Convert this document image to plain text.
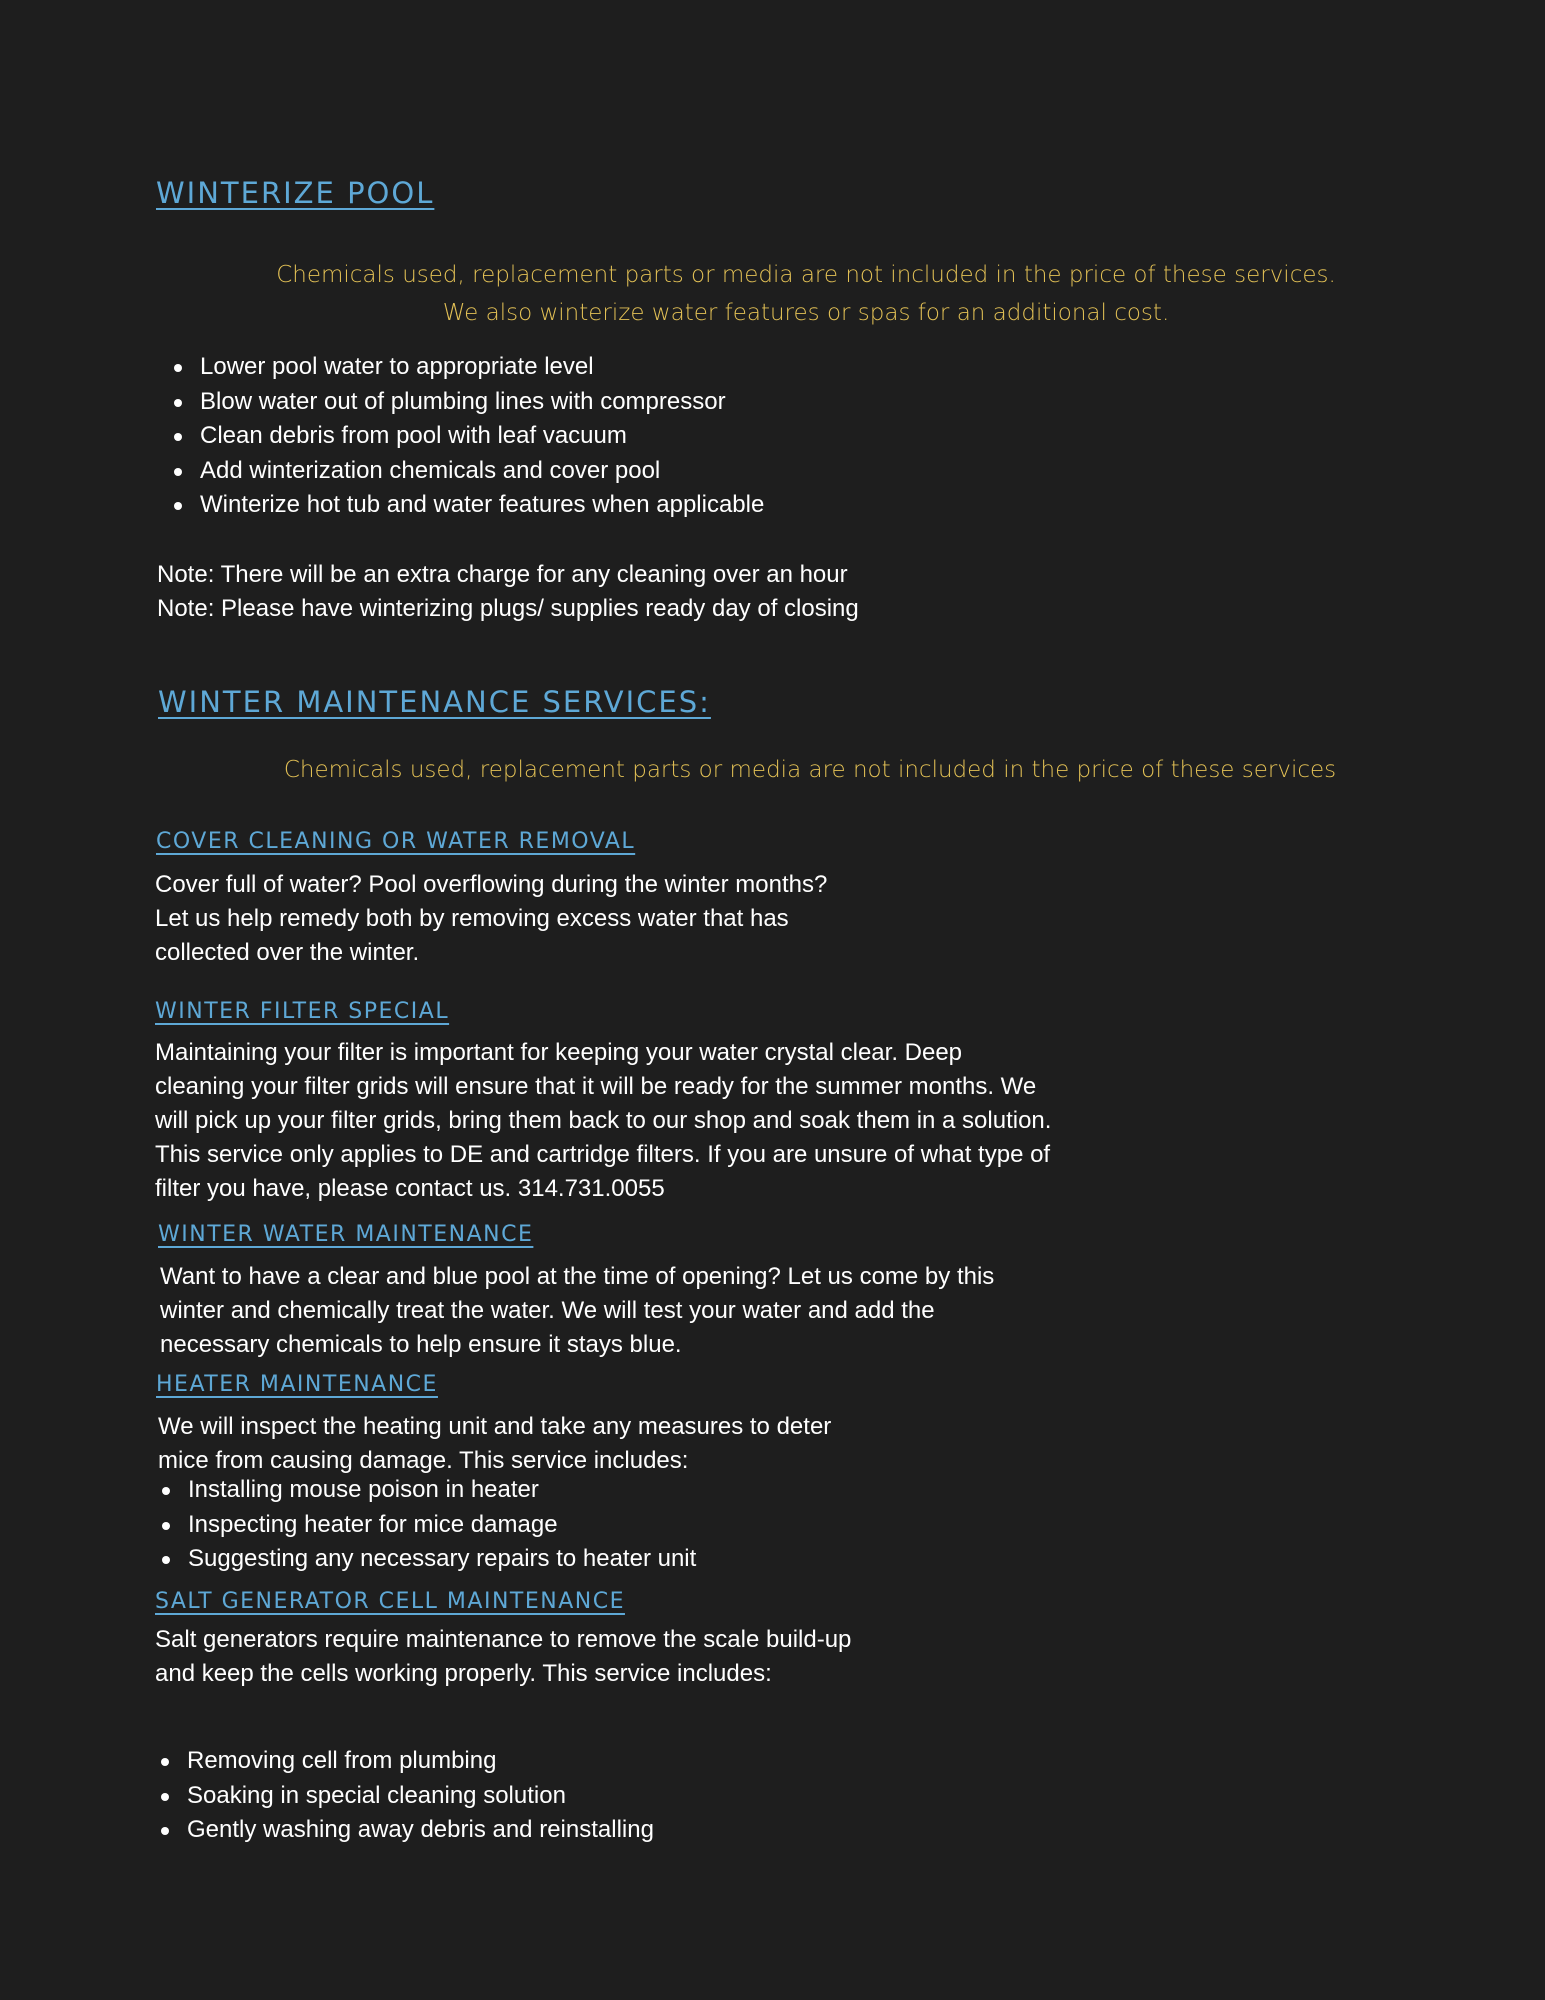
WINTERIZE POOL

Chemicals used, replacement parts or media are not included in the price of these services.

We also winterize water features or spas for an additional cost.

Lower pool water to appropriate level
Blow water out of plumbing lines with compressor
Clean debris from pool with leaf vacuum
Add winterization chemicals and cover pool
Winterize hot tub and water features when applicable
Note: There will be an extra charge for any cleaning over an hour
Note: Please have winterizing plugs/ supplies ready day of closing
WINTER MAINTENANCE SERVICES:

Chemicals used, replacement parts or media are not included in the price of these services

COVER CLEANING OR WATER REMOVAL

Cover full of water? Pool overflowing during the winter months? Let us help remedy both by removing excess water that has collected over the winter.

WINTER FILTER SPECIAL

Maintaining your filter is important for keeping your water crystal clear. Deep cleaning your filter grids will ensure that it will be ready for the summer months. We will pick up your filter grids, bring them back to our shop and soak them in a solution. This service only applies to DE and cartridge filters. If you are unsure of what type of filter you have, please contact us. 314.731.0055

WINTER WATER MAINTENANCE

Want to have a clear and blue pool at the time of opening? Let us come by this winter and chemically treat the water. We will test your water and add the necessary chemicals to help ensure it stays blue.

HEATER MAINTENANCE

We will inspect the heating unit and take any measures to deter mice from causing damage. This service includes:

Installing mouse poison in heater
Inspecting heater for mice damage
Suggesting any necessary repairs to heater unit
SALT GENERATOR CELL MAINTENANCE

Salt generators require maintenance to remove the scale build-up and keep the cells working properly. This service includes:

Removing cell from plumbing
Soaking in special cleaning solution
Gently washing away debris and reinstalling
